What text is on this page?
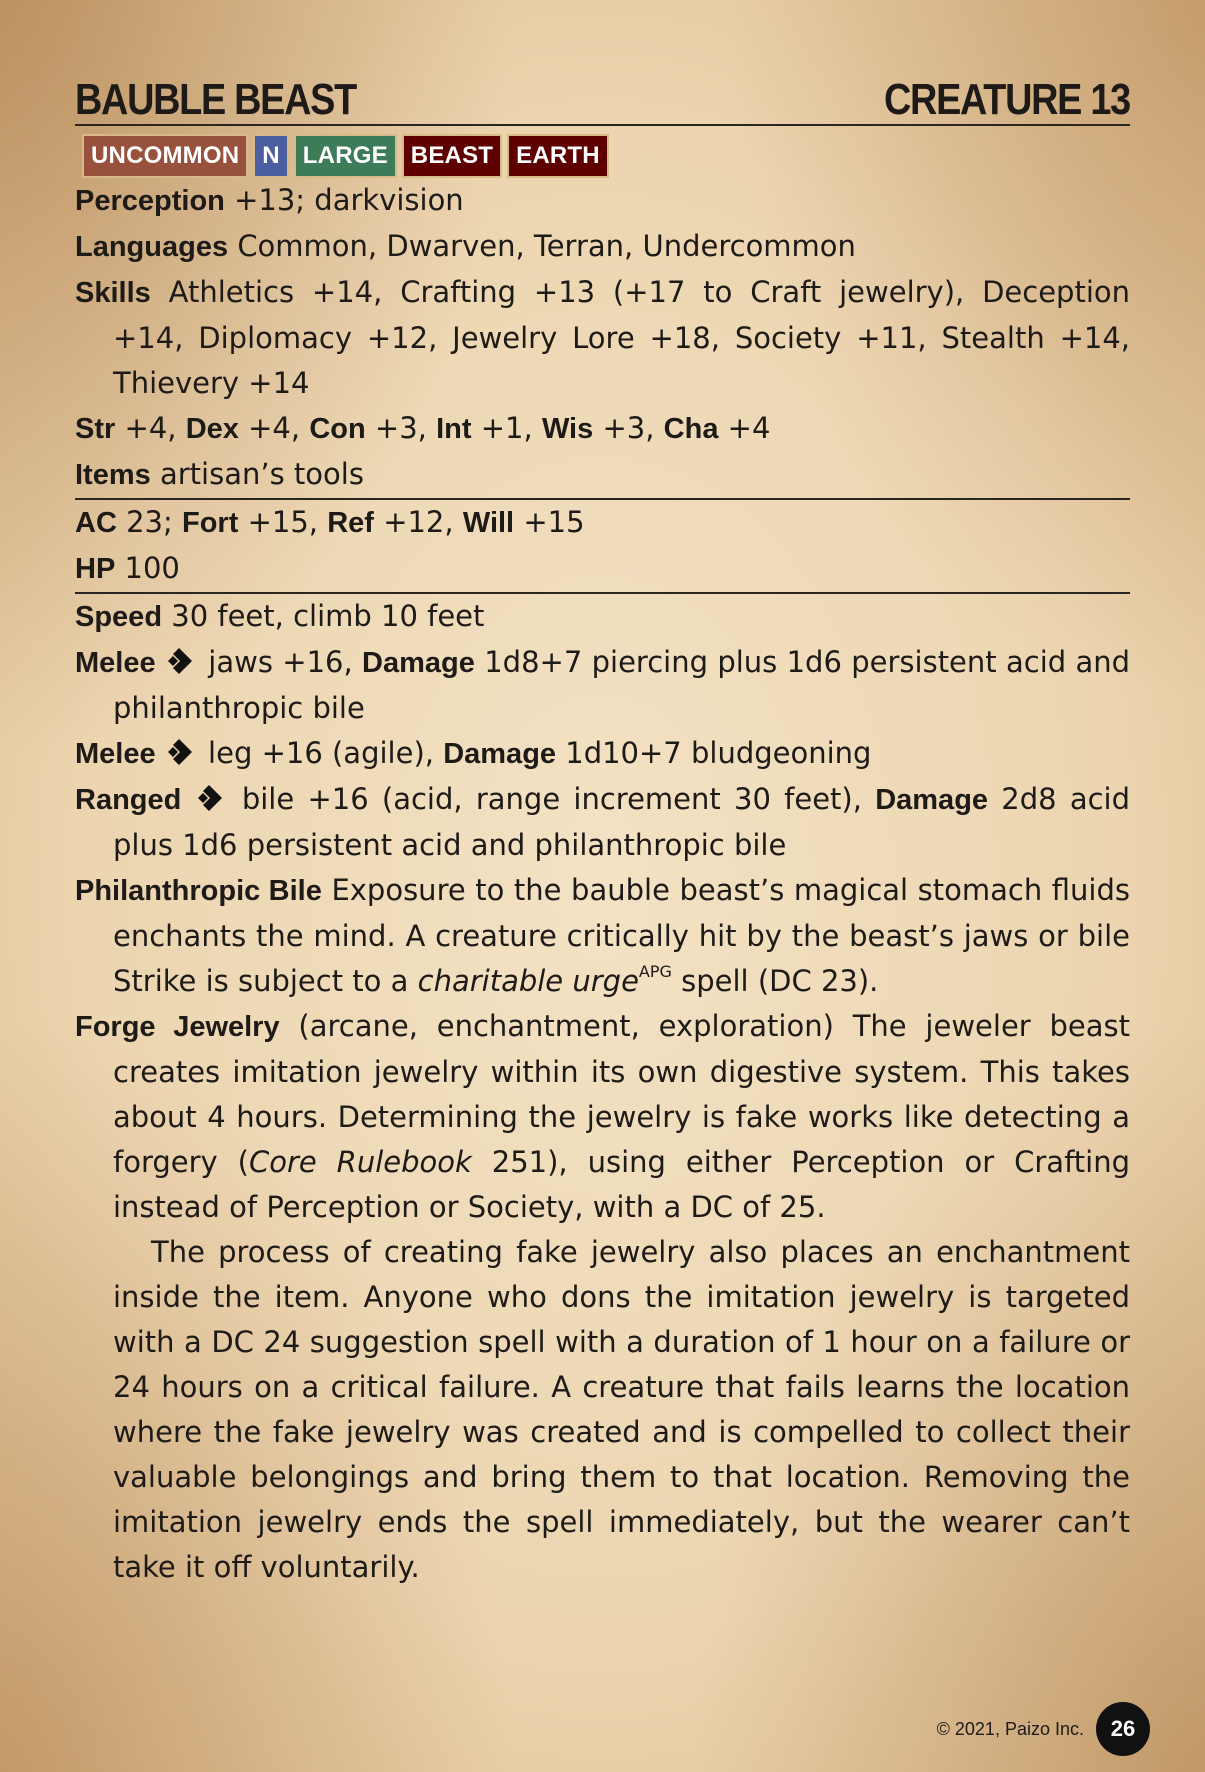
BAUBLE BEAST	CREATURE 13
UNCOMMON N LARGE BEAST EARTH
Perception +13; darkvision
Languages Common, Dwarven, Terran, Undercommon
Skills Athletics +14, Crafting +13 (+17 to Craft jewelry), Deception +14, Diplomacy +12, Jewelry Lore +18, Society +11, Stealth +14, Thievery +14
Str +4, Dex +4, Con +3, Int +1, Wis +3, Cha +4
Items artisan’s tools
AC 23; Fort +15, Ref +12, Will +15
HP 100
Speed 30 feet, climb 10 feet
Melee jaws +16, Damage 1d8+7 piercing plus 1d6 persistent acid and philanthropic bile
Melee leg +16 (agile), Damage 1d10+7 bludgeoning
Ranged bile +16 (acid, range increment 30 feet), Damage 2d8 acid plus 1d6 persistent acid and philanthropic bile
Philanthropic Bile Exposure to the bauble beast’s magical stomach fluids enchants the mind. A creature critically hit by the beast’s jaws or bile Strike is subject to a charitable urge$^{APG}$ spell (DC 23).
Forge Jewelry (arcane, enchantment, exploration) The jeweler beast creates imitation jewelry within its own digestive system. This takes about 4 hours. Determining the jewelry is fake works like detecting a forgery (Core Rulebook 251), using either Perception or Crafting instead of Perception or Society, with a DC of 25.
The process of creating fake jewelry also places an enchantment inside the item. Anyone who dons the imitation jewelry is targeted with a DC 24 suggestion spell with a duration of 1 hour on a failure or 24 hours on a critical failure. A creature that fails learns the location where the fake jewelry was created and is compelled to collect their valuable belongings and bring them to that location. Removing the imitation jewelry ends the spell immediately, but the wearer can’t take it off voluntarily.
© 2021, Paizo Inc.	26
